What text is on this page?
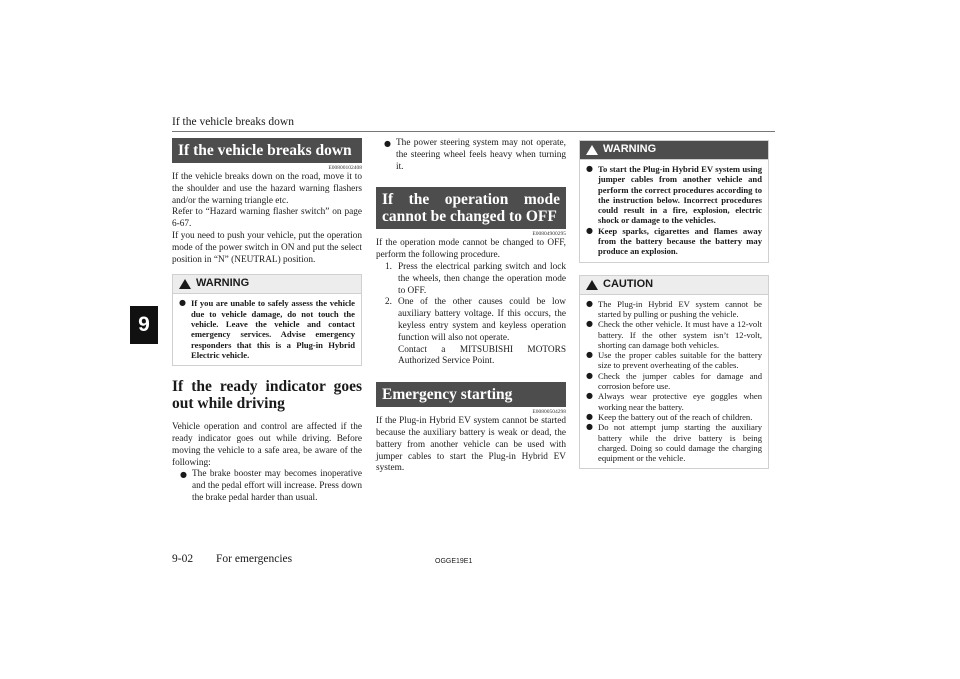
If the vehicle breaks down
9
If the vehicle breaks down
E00800102408

If the vehicle breaks down on the road, move it to the shoulder and use the hazard warning flashers and/or the warning triangle etc.

Refer to “Hazard warning flasher switch” on page 6-67.

If you need to push your vehicle, put the operation mode of the power switch in ON and put the select position in “N” (NEUTRAL) position.

WARNING
● If you are unable to safely assess the vehicle due to vehicle damage, do not touch the vehicle. Leave the vehicle and contact emergency services. Advise emergency responders that this is a Plug-in Hybrid Electric vehicle.
If the ready indicator goes out while driving

Vehicle operation and control are affected if the ready indicator goes out while driving. Before moving the vehicle to a safe area, be aware of the following:

● The brake booster may becomes inoperative and the pedal effort will increase. Press down the brake pedal harder than usual.
● The power steering system may not operate, the steering wheel feels heavy when turning it.
If the operation mode cannot be changed to OFF
E00804900295

If the operation mode cannot be changed to OFF, perform the following procedure.

1. Press the electrical parking switch and lock the wheels, then change the operation mode to OFF.
2. One of the other causes could be low auxiliary battery voltage. If this occurs, the keyless entry system and keyless operation function will also not operate.
Contact a MITSUBISHI MOTORS Authorized Service Point.
Emergency starting
E00800504298

If the Plug-in Hybrid EV system cannot be started because the auxiliary battery is weak or dead, the battery from another vehicle can be used with jumper cables to start the Plug-in Hybrid EV system.

WARNING
● To start the Plug-in Hybrid EV system using jumper cables from another vehicle and perform the correct procedures according to the instruction below. Incorrect procedures could result in a fire, explosion, electric shock or damage to the vehicles.
● Keep sparks, cigarettes and flames away from the battery because the battery may produce an explosion.
CAUTION
● The Plug-in Hybrid EV system cannot be started by pulling or pushing the vehicle.
● Check the other vehicle. It must have a 12-volt battery. If the other system isn’t 12-volt, shorting can damage both vehicles.
● Use the proper cables suitable for the battery size to prevent overheating of the cables.
● Check the jumper cables for damage and corrosion before use.
● Always wear protective eye goggles when working near the battery.
● Keep the battery out of the reach of children.
● Do not attempt jump starting the auxiliary battery while the drive battery is being charged. Doing so could damage the charging equipment or the vehicle.
9-02 For emergencies	OGGE19E1
